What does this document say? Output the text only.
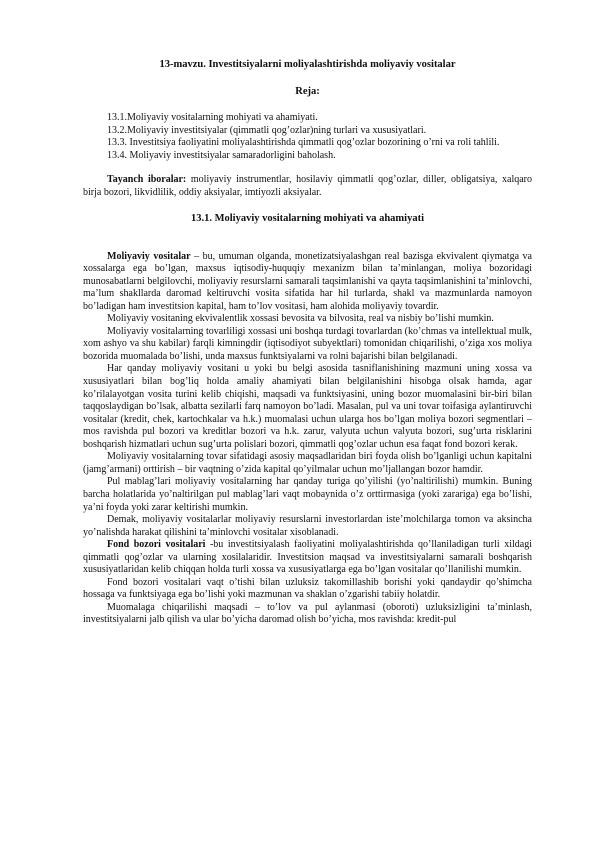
13-mavzu. Investitsiyalarni moliyalashtirishda moliyaviy vositalar

Reja:

13.1.Moliyaviy vositalarning mohiyati va ahamiyati.

13.2.Moliyaviy investitsiyalar (qimmatli qog’ozlar)ning turlari va xususiyatlari.

13.3. Investitsiya faoliyatini moliyalashtirishda qimmatli qog’ozlar bozorining o’rni va roli tahlili.

13.4. Moliyaviy investitsiyalar samaradorligini baholash.

Tayanch iboralar: moliyaviy instrumentlar, hosilaviy qimmatli qog’ozlar, diller, obligatsiya, xalqaro birja bozori, likvidlilik, oddiy aksiyalar, imtiyozli aksiyalar.

13.1. Moliyaviy vositalarning mohiyati va ahamiyati

Moliyaviy vositalar – bu, umuman olganda, monetizatsiyalashgan real bazisga ekvivalent qiymatga va xossalarga ega bo’lgan, maxsus iqtisodiy-huquqiy mexanizm bilan ta’minlangan, moliya bozoridagi munosabatlarni belgilovchi, moliyaviy resurslarni samarali taqsimlanishi va qayta taqsimlanishini ta’minlovchi, ma’lum shakllarda daromad keltiruvchi vosita sifatida har hil turlarda, shakl va mazmunlarda namoyon bo’ladigan ham investitsion kapital, ham to’lov vositasi, ham alohida moliyaviy tovardir.

Moliyaviy vositaning ekvivalentlik xossasi bevosita va bilvosita, real va nisbiy bo’lishi mumkin.

Moliyaviy vositalarning tovarliligi xossasi uni boshqa turdagi tovarlardan (ko’chmas va intellektual mulk, xom ashyo va shu kabilar) farqli kimningdir (iqtisodiyot subyektlari) tomonidan chiqarilishi, o’ziga xos moliya bozorida muomalada bo’lishi, unda maxsus funktsiyalarni va rolni bajarishi bilan belgilanadi.

Har qanday moliyaviy vositani u yoki bu belgi asosida tasniflanishining mazmuni uning xossa va xususiyatlari bilan bog’liq holda amaliy ahamiyati bilan belgilanishini hisobga olsak hamda, agar ko’rilalayotgan vosita turini kelib chiqishi, maqsadi va funktsiyasini, uning bozor muomalasini bir-biri bilan taqqoslaydigan bo’lsak, albatta sezilarli farq namoyon bo’ladi. Masalan, pul va uni tovar toifasiga aylantiruvchi vositalar (kredit, chek, kartochkalar va h.k.) muomalasi uchun ularga hos bo’lgan moliya bozori segmentlari – mos ravishda pul bozori va kreditlar bozori va h.k. zarur, valyuta uchun valyuta bozori, sug’urta risklarini boshqarish hizmatlari uchun sug’urta polislari bozori, qimmatli qog’ozlar uchun esa faqat fond bozori kerak.

Moliyaviy vositalarning tovar sifatidagi asosiy maqsadlaridan biri foyda olish bo’lganligi uchun kapitalni (jamg’armani) orttirish – bir vaqtning o’zida kapital qo’yilmalar uchun mo’ljallangan bozor hamdir.

Pul mablag’lari moliyaviy vositalarning har qanday turiga qo’yilishi (yo’naltirilishi) mumkin. Buning barcha holatlarida yo’naltirilgan pul mablag’lari vaqt mobaynida o’z orttirmasiga (yoki zarariga) ega bo’lishi, ya’ni foyda yoki zarar keltirishi mumkin.

Demak, moliyaviy vositalarlar moliyaviy resurslarni investorlardan iste’molchilarga tomon va aksincha yo’nalishda harakat qilishini ta’minlovchi vositalar xisoblanadi.

Fond bozori vositalari -bu investitsiyalash faoliyatini moliyalashtirishda qo’llaniladigan turli xildagi qimmatli qog’ozlar va ularning xosilalaridir. Investitsion maqsad va investitsiyalarni samarali boshqarish xususiyatlaridan kelib chiqqan holda turli xossa va xususiyatlarga ega bo’lgan vositalar qo’llanilishi mumkin.

Fond bozori vositalari vaqt o’tishi bilan uzluksiz takomillashib borishi yoki qandaydir qo’shimcha hossaga va funktsiyaga ega bo’lishi yoki mazmunan va shaklan o’zgarishi tabiiy holatdir.

Muomalaga chiqarilishi maqsadi – to’lov va pul aylanmasi (oboroti) uzluksizligini ta’minlash, investitsiyalarni jalb qilish va ular bo’yicha daromad olish bo’yicha, mos ravishda: kredit-pul
